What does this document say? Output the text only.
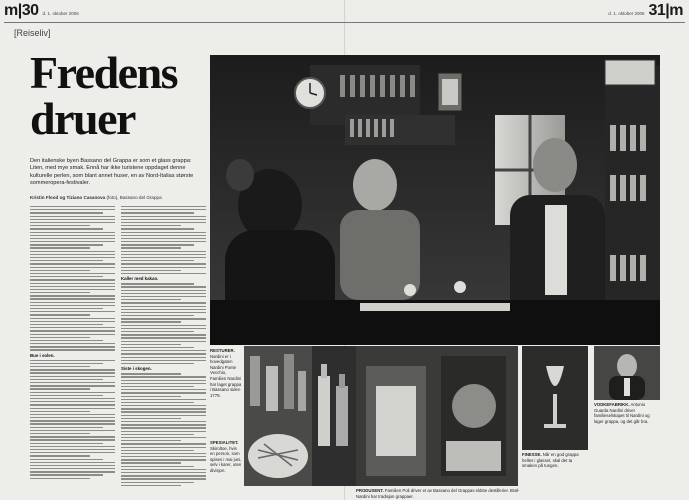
m|30 d. 1. oktober 2006	d. 1. oktober 2006 31|m
[Reiseliv]
Fredens druer
Den italienske byen Bassano del Grappa er som et glass grappa: Liten, med mye smak. Ennå har ikke turistene oppdaget denne kulturelle perlen, som blant annet huser, en av Nord-Italias største sommeropera-festivaler.
Kristin Flood og Tiziano Casanova (foto), Bassano del Grappa
Bue i solen.
Kaller med kakao.
Siste i skogen.
RESTURER. Nardini er i hovedgaten Nardini Ponte Vecchio, Familien Nardini har laget grappa i Bassano siden 1779.
SPESIALITET. Skiroltoe, hvis en person, som spises i mai juni, selv i karer, uten divisjon.
PRODUSENT. Familien Poli driver et av Bassano del Grappas eldste destillerier. Brøl-Nardini har tradisjon grappaer.
FINESSE. Når en god grappa helles i glasset, skal det ta smaken på tungen.
VODKEFABRIKK. Antonio Guarda Nardini driver familieselskapet til Nardini og lager grappa, og det går bra.
